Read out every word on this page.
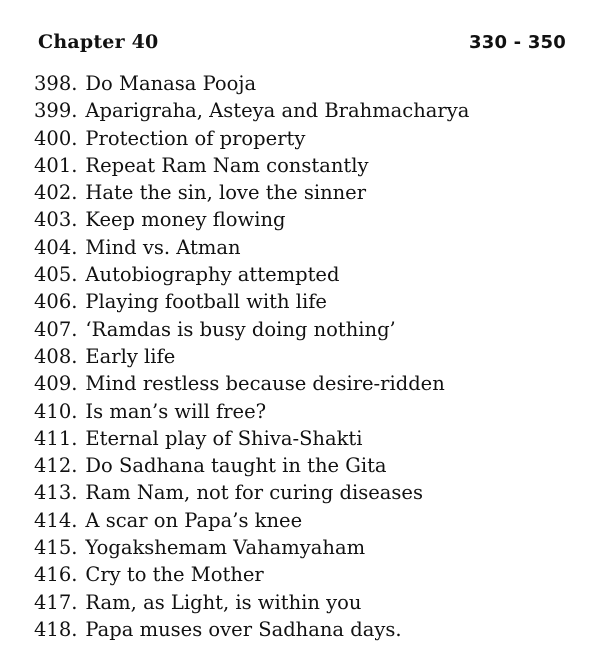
Chapter 40	330 - 350
398. Do Manasa Pooja
399. Aparigraha, Asteya and Brahmacharya
400. Protection of property
401. Repeat Ram Nam constantly
402. Hate the sin, love the sinner
403. Keep money flowing
404. Mind vs. Atman
405. Autobiography attempted
406. Playing football with life
407. ‘Ramdas is busy doing nothing’
408. Early life
409. Mind restless because desire-ridden
410. Is man’s will free?
411. Eternal play of Shiva-Shakti
412. Do Sadhana taught in the Gita
413. Ram Nam, not for curing diseases
414. A scar on Papa’s knee
415. Yogakshemam Vahamyaham
416. Cry to the Mother
417. Ram, as Light, is within you
418. Papa muses over Sadhana days.
